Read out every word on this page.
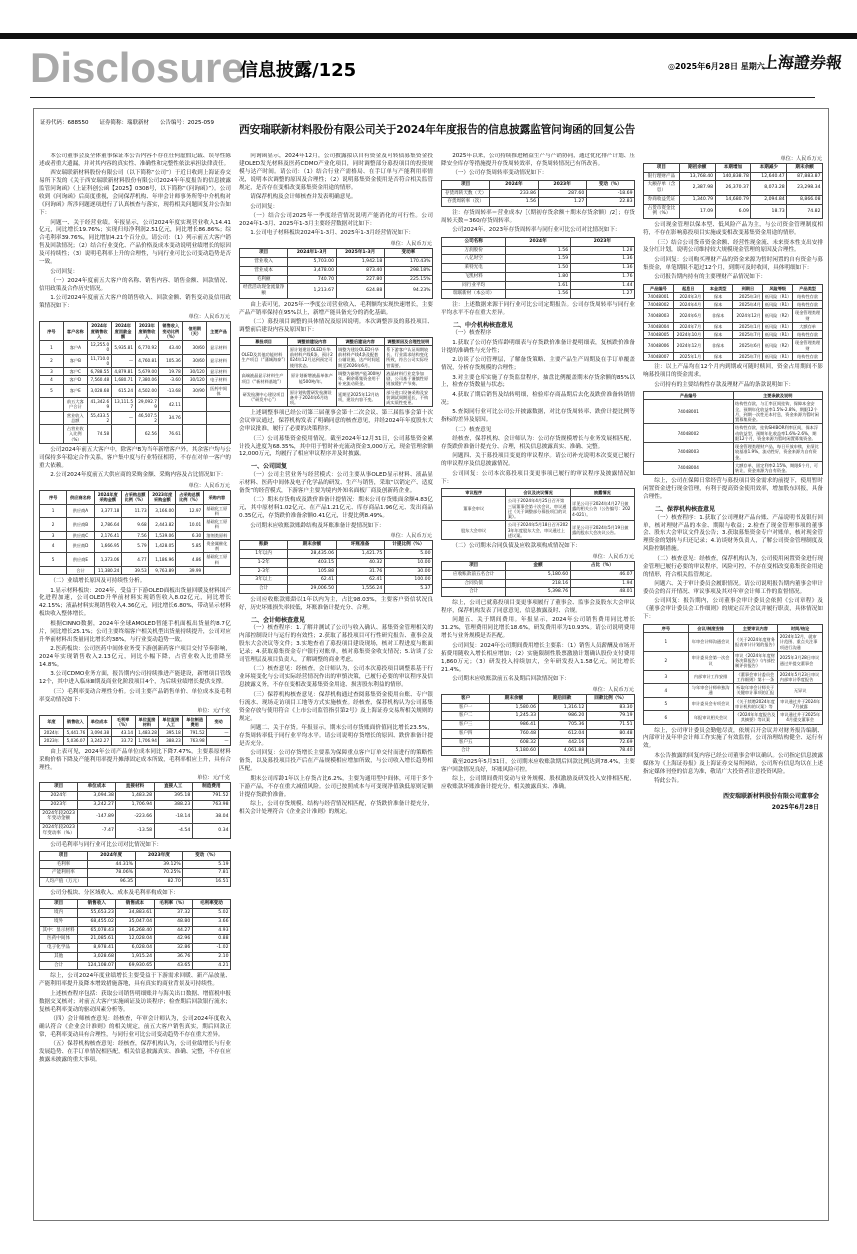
Disclosure
信息披露/125	◎2025年6月28日 星期六
上海證券報
证券代码：688550　　证券简称：瑞联新材　　公告编号：2025-059	西安瑞联新材料股份有限公司关于2024年年度报告的信息披露监管问询函的回复公告
本公司董事会及全体董事保证本公告内容不存在任何虚假记载、误导性陈述或者重大遗漏，并对其内容的真实性、准确性和完整性依法承担法律责任。
西安瑞联新材料股份有限公司（以下简称“公司”）于近日收到上海证券交易所下发的《关于西安瑞联新材料股份有限公司2024年年度报告的信息披露监管问询函》（上证科创公函【2025】0308号，以下简称“《问询函》”）。公司收到《问询函》后高度重视，会同保荐机构、年审会计师事务所等中介机构对《问询函》所涉问题逐项进行了认真核查与落实，现将相关问题回复并公告如下：
问题一、关于经营业绩。年报显示，公司2024年度实现营业收入14.41亿元，同比增长19.76%；实现归母净利润2.51亿元，同比增长86.86%；综合毛利率39.76%，同比增加4.21个百分点。请公司：（1）列示前五大客户销售及回款情况；（2）结合行业变化、产品价格及成本变动说明业绩增长的原因及可持续性；（3）说明毛利率上升的合理性，与同行业可比公司变动趋势是否一致。
公司回复：
（一）2024年度前五大客户的名称、销售内容、销售金额、回款情况、信用政策及合作历史情况。
1.公司2024年度前五大客户的销售收入、回款金额、销售变动及信用政策情况如下：
单位：人民币万元
序号	客户名称	2024年度销售收入	2024年度回款金额	2023年度销售收入	销售收入变动比例（%）	信用期（天）	主要产品
1	客户A	12,255.00	5,935.81	6,770.92	43.40	30/60	显示材料
2	客户B	11,710.00	—	4,760.81	105.36	30/60	显示材料
3	客户C	6,788.55	4,879.81	5,679.00	19.78	30/120	显示材料
4	客户D	7,560.48	1,680.71	7,380.06	-3.60	30/120	电子材料
5	客户E	3,028.68	615.24	4,502.00	-13.68	30/90	医药中间体
	前五大客户合计	41,342.69	13,111.57	29,092.79	42.11		
	营业收入总额	55,433.52	—	46,507.52	34.76		
	占营业收入比例（%）	74.58		62.56	76.61		
公司2024年前五大客户中，除客户B为当年新增客户外，其余客户均与公司保持多年稳定合作关系，客户集中度与行业特征相符，不存在对单一客户的重大依赖。
2.公司2024年度前五大供应商的采购金额、采购内容及占比情况如下：
单位：人民币万元
序号	供应商名称	2024年度采购金额	占采购总额比例（%）	2023年度采购金额	占采购总额比例（%）	采购内容
1	供应商A	3,377.18	11.73	3,166.00	12.97	基础化工原料
2	供应商B	2,786.64	9.68	2,443.82	10.01	基础化工原料
3	供应商C	2,176.41	7.56	1,539.06	6.30	溶剂类原料
4	供应商D	1,666.95	5.79	1,428.05	5.85	贵金属催化剂
5	供应商E	1,373.06	4.77	1,186.96	4.86	基础化工原料
	合计	11,380.24	39.53	9,763.89	39.99	
（二）业绩增长原因及可持续性分析。
1.显示材料板块：2024年，受益于下游OLED面板出货量回暖及材料国产化进程加速，公司OLED升华前材料实现销售收入8.02亿元，同比增长42.15%；液晶材料实现销售收入4.36亿元，同比增长6.80%，带动显示材料板块收入整体增长。
根据CINNO数据，2024年全球AMOLED智能手机面板出货量约8.7亿片，同比增长25.1%；公司主要终端客户相关机型出货量持续提升，公司对应升华前材料出货量同比增长约38%，与行业变动趋势一致。
2.医药板块：公司医药中间体业务受下游创新药客户项目交付节奏影响，2024年实现销售收入2.13亿元，同比小幅下降，占营业收入比重降至14.8%。
3.公司CDMO业务方面，报告期内公司持续推进产能建设，新增项目管线12个，其中进入临床Ⅲ期及商业化阶段项目4个，为后续业绩增长提供支撑。
（三）毛利率变动合理性分析。公司主要产品销售单价、单位成本及毛利率变动情况如下：
单位：元/千克
年度	销售收入	单位成本	毛利率（%）	单位直接材料	单位直接人工	单位制造费用	变动
2024年	5,441.76	3,094.38	43.14	1,483.28	395.18	791.52	—
2023年	5,036.07	3,242.27	33.72	1,706.94	388.23	763.98	—
由上表可见，2024年公司产品单位成本同比下降7.47%，主要系原材料采购价格下降及产能利用率提升摊薄固定成本所致，毛利率相应上升，具有合理性。
单位：元/千克
项目	单位成本	直接材料	直接人工	制造费用
2024年	3,094.38	1,483.28	395.18	791.52
2023年	3,242.27	1,706.94	388.23	763.98
2024年较2023年变动金额	-147.89	-223.66	-18.14	38.04
2024年较2023年变动率（%）	-7.47	-13.58	-4.54	0.34
公司毛利率与同行业可比公司对比情况如下：
项目	2024年度	2023年度	变动（%）
毛利率	44.31%	39.12%	5.19
产能利用率	78.06%	70.25%	7.81
人均产值（万元）	96.35	82.70	16.51
公司分板块、分区域收入、成本及毛利率构成如下：
项目	销售收入	销售成本	毛利率（%）	毛利率变动
境内	55,653.23	34,883.61	37.32	5.02
境外	68,455.02	35,047.04	48.80	3.66
其中：显示材料	65,078.43	36,268.40	44.27	4.93
医药中间体	21,085.61	12,028.04	42.96	0.88
电子化学品	8,978.41	6,028.04	32.86	-1.02
其他	3,028.68	1,915.24	36.76	2.10
合计	124,108.07	69,930.65	43.65	4.21
综上，公司2024年度业绩增长主要受益于下游需求回暖、新产品放量、产能利用率提升及降本增效措施落地，具有真实的商业背景及可持续性。
上述核查程序包括：获取公司销售明细账并与海关出口数据、增值税申报数据交叉核对；对前五大客户实施函证及访谈程序；检查期后回款银行流水；复核毛利率变动的驱动因素分析等。
（四）会计师核查意见：经核查，年审会计师认为，公司2024年度收入确认符合《企业会计准则》的相关规定，前五大客户销售真实，期后回款正常，毛利率变动具有合理性，与同行业可比公司变动趋势不存在重大差异。
（五）保荐机构核查意见：经核查，保荐机构认为，公司业绩增长与行业发展趋势、在手订单情况相匹配，相关信息披露真实、准确、完整，不存在应披露未披露的重大事项。
问询函显示，2024年12月，公司披露拟以自有资金及可转债募集资金投建OLED发光材料及医药CDMO产业化项目，同时调整部分募投项目的投资规模与达产时间。请公司：（1）结合行业产需格局、在手订单与产能利用率情况，说明本次调整的原因及合理性；（2）说明募集资金使用是否符合相关监管规定，是否存在变相改变募集资金用途的情形。
请保荐机构及会计师核查并发表明确意见。
公司回复：
（一）结合公司2025年一季度经营情况说明产能消化的可行性。公司2024年1-3月、2025年1-3月主要经营数据对比如下：
1.公司电子材料板块2024年1-3月、2025年1-3月经营情况如下：
单位：人民币万元
项目	2024年1-3月	2025年1-3月	变动率
营业收入	5,703.00	1,942.18	170.43%
营业成本	3,478.00	873.40	298.18%
毛利额	740.70	227.80	225.15%
经营活动现金流量净额	1,213.67	624.88	94.23%
由上表可见，2025年一季度公司营业收入、毛利额均实现快速增长，主要产品产销率保持在95%以上，新增产能具备充分的消化基础。
（二）募投项目调整的具体情况及原因说明。本次调整涉及的募投项目、调整前后建设内容及原因如下：
募投项目	调整前建设内容	调整后建设内容	调整原因及合理性说明
OLED及其他功能材料生产项目（“蒲城海泰”）	原计划建设OLED升华前材料产线6条，预计2024年12月达到预定可使用状态。	调整为建设OLED升华前材料产线4条及配套公辅设施，达产时间延期至2026年6月。	系下游客户认证周期较长、行业需求结构变化所致，符合公司实际经营需要。
高端液晶显示材料生产项目（“新材料基地”）	原计划新增液晶单体产能500吨/年。	调整为新增产能300吨/年，剩余募集资金用于补充流动资金。	液晶材料行业竞争加剧，公司基于谨慎性原则放缓扩产节奏。
研发检测中心建设项目（“研发中心”）	原计划购置研发检测设备并于2024年6月结项。	延期至2025年12月结项，建设内容不变。	部分进口设备采购及安装调试周期延长，不构成实质性变更。
上述调整事项已经公司第三届董事会第十二次会议、第三届监事会第十次会议审议通过，保荐机构发表了明确同意的核查意见，并经2024年年度股东大会审议批准，履行了必要的决策程序。
（三）公司募集资金使用情况。截至2024年12月31日，公司募集资金累计投入进度为68.35%，其中用于暂时补充流动资金3,000万元，现金管理余额12,000万元，均履行了相应审议程序并及时披露。
一、公司回复
（一）公司主营业务与经营模式：公司主要从事OLED显示材料、液晶显示材料、医药中间体及电子化学品的研发、生产与销售，采取“以销定产、适度备货”的经营模式，下游客户主要为境内外知名面板厂商及创新药企业。
（二）期末存货构成及跌价准备计提情况：期末公司存货账面余额4.83亿元，其中原材料1.02亿元、在产品1.21亿元、库存商品1.96亿元、发出商品0.35亿元，存货跌价准备余额0.41亿元，计提比例8.49%。
公司期末应收账款账龄结构及坏账准备计提情况如下：
单位：人民币万元
账龄	期末余额	坏账准备	计提比例（%）
1年以内	28,435.06	1,421.75	5.00
1-2年	403.15	40.32	10.00
2-3年	105.88	31.76	30.00
3年以上	62.41	62.41	100.00
合计	29,006.50	1,556.24	5.37
公司应收账款账龄以1年以内为主，占比98.03%，主要客户资信状况良好，历史坏账损失率较低，坏账准备计提充分、合理。
二、会计师核查意见
（一）核查程序：1.了解并测试了公司与收入确认、募集资金管理相关的内部控制设计与运行的有效性；2.获取了募投项目可行性研究报告、董事会及股东大会决议等文件；3.实地查看了募投项目建设现场，核对工程进度与账面记录；4.获取募集资金专户银行对账单，核对募集资金收支情况；5.访谈了公司管理层及项目负责人，了解调整的商业考虑。
（二）核查意见：经核查，会计师认为，公司本次募投项目调整系基于行业环境变化与公司实际经营情况作出的审慎决策，已履行必要的审议程序及信息披露义务，不存在变相改变募集资金用途、损害股东利益的情形。
（三）保荐机构核查意见：保荐机构通过查阅募集资金使用台账、专户银行流水、现场走访项目工地等方式实施核查。经核查，保荐机构认为公司募集资金存放与使用符合《上市公司监管指引第2号》及上海证券交易所相关规则的规定。
问题二、关于存货。年报显示，期末公司存货账面价值同比增长23.5%，存货周转率低于同行业平均水平。请公司说明存货增长的原因、跌价准备计提是否充分。
公司回复：公司存货增长主要系为保障重点客户订单交付而进行的策略性备货，以及募投项目投产后在产品规模相应增加所致，与公司收入增长趋势相匹配。
期末公司库龄1年以上存货占比6.2%，主要为通用型中间体，可用于多个下游产品，不存在重大减值风险。公司已按照成本与可变现净值孰低原则足额计提存货跌价准备。
综上，公司存货规模、结构与经营情况相匹配，存货跌价准备计提充分，相关会计处理符合《企业会计准则》的规定。
2025年以来，公司持续推进精益生产与产销协同，通过优化排产计划、压降安全库存等措施提升存货周转效率，存货周转情况已有所改善。
（一）公司存货周转率变动情况如下：
项目	2024年	2023年	变动（%）
存货周转天数（天）	233.86	287.60	-18.69
存货周转率（次）	1.56	1.27	22.83
注：存货周转率＝营业成本/［（期初存货余额＋期末存货余额）/2］；存货周转天数＝360/存货周转率。
公司2024年、2023年存货周转率与同行业可比公司对比情况如下：
公司名称	2024年	2023年
万润股份	1.56	1.28
八亿时空	1.59	1.36
莱特光电	1.50	1.36
飞凯材料	1.80	1.76
同行业平均	1.61	1.44
瑞联新材（本公司）	1.56	1.27
注：上述数据来源于同行业可比公司定期报告。公司存货周转率与同行业平均水平不存在重大差异。
二、中介机构核查意见
（一）核查程序
1.获取了公司存货库龄明细表与存货跌价准备计提明细表，复核跌价准备计提的准确性与充分性；
2.访谈了公司管理层，了解备货策略、主要产品生产周期及在手订单覆盖情况，分析存货规模的合理性；
3.对主要仓库实施了存货监盘程序，抽盘比例覆盖期末存货余额的85%以上，检查存货数量与状态；
4.获取了期后销售及结转明细，检验库存商品期后去化及跌价准备转销情况；
5.查阅同行业可比公司公开披露数据，对比存货周转率、跌价计提比例等指标的差异及原因。
（二）核查意见
经核查，保荐机构、会计师认为：公司存货规模增长与业务发展相匹配，存货跌价准备计提充分、合理，相关信息披露真实、准确、完整。
问题四、关于募投项目变更的审议程序。请公司补充说明本次变更已履行的审议程序及信息披露情况。
公司回复：公司本次募投项目变更事项已履行的审议程序及披露情况如下：
审议程序	会议及决议情况	披露情况
董事会审议	公司于2024年4月25日召开第三届董事会第十次会议，审议通过《关于调整部分募投项目的议案》。	详见公司于2024年4月27日披露的相关公告（公告编号：2024-021）。
股东大会审议	公司于2024年5月18日召开2023年年度股东大会，审议通过上述议案。	详见公司于2024年5月19日披露的股东大会决议公告。
（二）公司期末合同负债及应收款项构成情况如下：
单位：人民币万元
项目	金额	占比（%）
应收账款前五名合计	5,180.60	46.07
合同负债	218.16	1.94
合计	5,398.76	48.01
综上，公司已就募投项目变更事项履行了董事会、监事会及股东大会审议程序，保荐机构发表了同意意见，信息披露及时、合规。
问题五、关于期间费用。年报显示，2024年公司销售费用同比增长31.2%，管理费用同比增长18.6%，研发费用率为10.93%。请公司说明费用增长与业务规模是否匹配。
公司回复：2024年公司期间费用增长主要系：（1）销售人员薪酬及市场开拓费用随收入增长相应增加；（2）实施限制性股票激励计划确认股份支付费用1,860万元；（3）研发投入持续加大，全年研发投入1.58亿元，同比增长21.4%。
公司期末应收账款前五名及期后回款情况如下：
单位：人民币万元
客户	期末余额	期后回款	回款比例（%）
客户一	1,580.06	1,316.12	83.30
客户二	1,245.33	986.20	79.19
客户三	986.41	705.36	71.51
客户四	760.48	612.04	80.48
客户五	608.32	442.16	72.69
合计	5,180.60	4,061.88	78.40
截至2025年5月31日，公司期末应收账款期后回款比例达到78.4%，主要客户回款情况良好，坏账风险可控。
综上，公司期间费用变动与业务规模、股权激励及研发投入安排相匹配，应收账款坏账准备计提充分，相关披露真实、准确。
单位：人民币万元
项目	期初余额	本期增加	本期减少	期末余额
银行理财产品	13,768.40	140,838.78	12,640.47	87,883.87
大额存单（含息）	2,387.98	26,370.37	8,073.28	23,298.34
券商收益凭证	1,340.79	14,680.79	2,094.84	8,866.08
占货币资金比例（%）	17.09	6.09	18.73	74.82
公司现金管理以保本型、低风险产品为主，与公司资金管理制度相符，不存在影响募投项目实施或变相改变募集资金用途的情形。
（三）结合公司货币资金余额、经营性现金流、未来资本性支出安排及分红计划，说明公司维持较大规模现金管理的原因及合理性。
公司回复：公司购买理财产品的资金来源为暂时闲置的自有资金与募集资金，单笔期限不超过12个月，到期可及时收回，具体明细如下：
公司报告期内持有的主要理财产品情况如下：
产品编号	起息日	本金类型	到期日	风险等级	产品类型
74048001	2024年3月	保本	2025年3月	低风险（R1）	结构性存款
74048002	2024年4月	保本	2025年4月	低风险（R1）	结构性存款
74048003	2024年6月	非保本	2024年12月	低风险（R2）	现金管理类理财
74048004	2024年7月	保本	2025年1月	低风险（R1）	大额存单
74048005	2024年10月	保本	2025年7月	低风险（R1）	结构性存款
74048006	2024年12月	非保本	2025年6月	低风险（R2）	现金管理类理财
74048007	2025年1月	保本	2025年7月	低风险（R1）	结构性存款
注：以上产品均在12个月内到期或可随时赎回，资金占用期间不影响募投项目的资金需求。
公司持有的主要结构性存款及理财产品的条款说明如下：
产品编号	主要条款及说明
74048001	结构性存款，与汇率区间挂钩，保障本金安全，预期年化收益率1.5%-2.8%，期限12个月，到期一次性还本付息，资金来源为暂时闲置募集资金。
74048002	结构性存款，挂钩SHIBOR利率区间，保本浮动收益型，预期年化收益率1.6%-2.6%，期限12个月，资金来源为暂时闲置募集资金。
74048003	现金管理类理财产品，每日开放申赎，业绩比较基准1.9%，流动性好，资金来源为自有资金。
74048004	大额存单，固定利率2.15%，期限6个月，可转让，资金来源为自有资金。
综上，公司在保障日常经营与募投项目资金需求的前提下，使用暂时闲置资金进行现金管理，有利于提高资金使用效率，增加股东回报，具备合理性。
二、保荐机构核查意见
（一）核查程序：1.获取了公司理财产品台账、产品说明书及银行回单，核对理财产品的本金、期限与收益；2.检查了现金管理事项的董事会、股东大会审议文件及公告；3.获取募集资金专户对账单，核对现金管理资金的划转与归还记录；4.访谈财务负责人，了解公司资金管理制度及风险控制措施。
（二）核查意见：经核查，保荐机构认为，公司使用闲置资金进行现金管理已履行必要的审议程序，风险可控，不存在变相改变募集资金用途的情形，符合相关监管规定。
问题六、关于审计委员会履职情况。请公司说明报告期内董事会审计委员会的召开情况、审议事项及其对年审会计师工作的监督情况。
公司回复：报告期内，公司董事会审计委员会依照《公司章程》及《董事会审计委员会工作细则》的规定召开会议并履行职责，具体情况如下：
序号	会议/制度安排	主要审议内容	时间/结论
1	年审会计师沟通会议	《关于2024年度财务报表审计计划的报告》	2024年12月，就审计范围、重点关注事项进行沟通
2	审计委员会第一次会议	审议《2024年年度财务决算报告》《内部控制评价报告》	2025年3月28日审议通过并提交董事会
3	内部审计工作安排	《董事会审计委员会工作细则》第十一条	2024年5月23日审议内部审计季度报告
4	与年审会计师单独沟通	听取年审会计师关于关键审计事项的汇报	无异议
5	审计委员会专项会议	《关于续聘2024年度审计机构的议案》等	审议通过并于2024年7月披露
6	年报审议相关会议	《2024年年度报告及其摘要》等议案	审议通过并于2025年4月提交董事会
综上，公司审计委员会勤勉尽责，依规召开会议并对财务报告编制、内部审计及年审会计师工作实施了有效监督，公司治理结构健全、运行有效。
本公告披露的回复内容已经公司董事会审议确认。公司指定信息披露媒体为《上海证券报》及上海证券交易所网站，公司所有信息均以在上述指定媒体刊登的信息为准，敬请广大投资者注意投资风险。
特此公告。
西安瑞联新材料股份有限公司董事会
2025年6月28日
